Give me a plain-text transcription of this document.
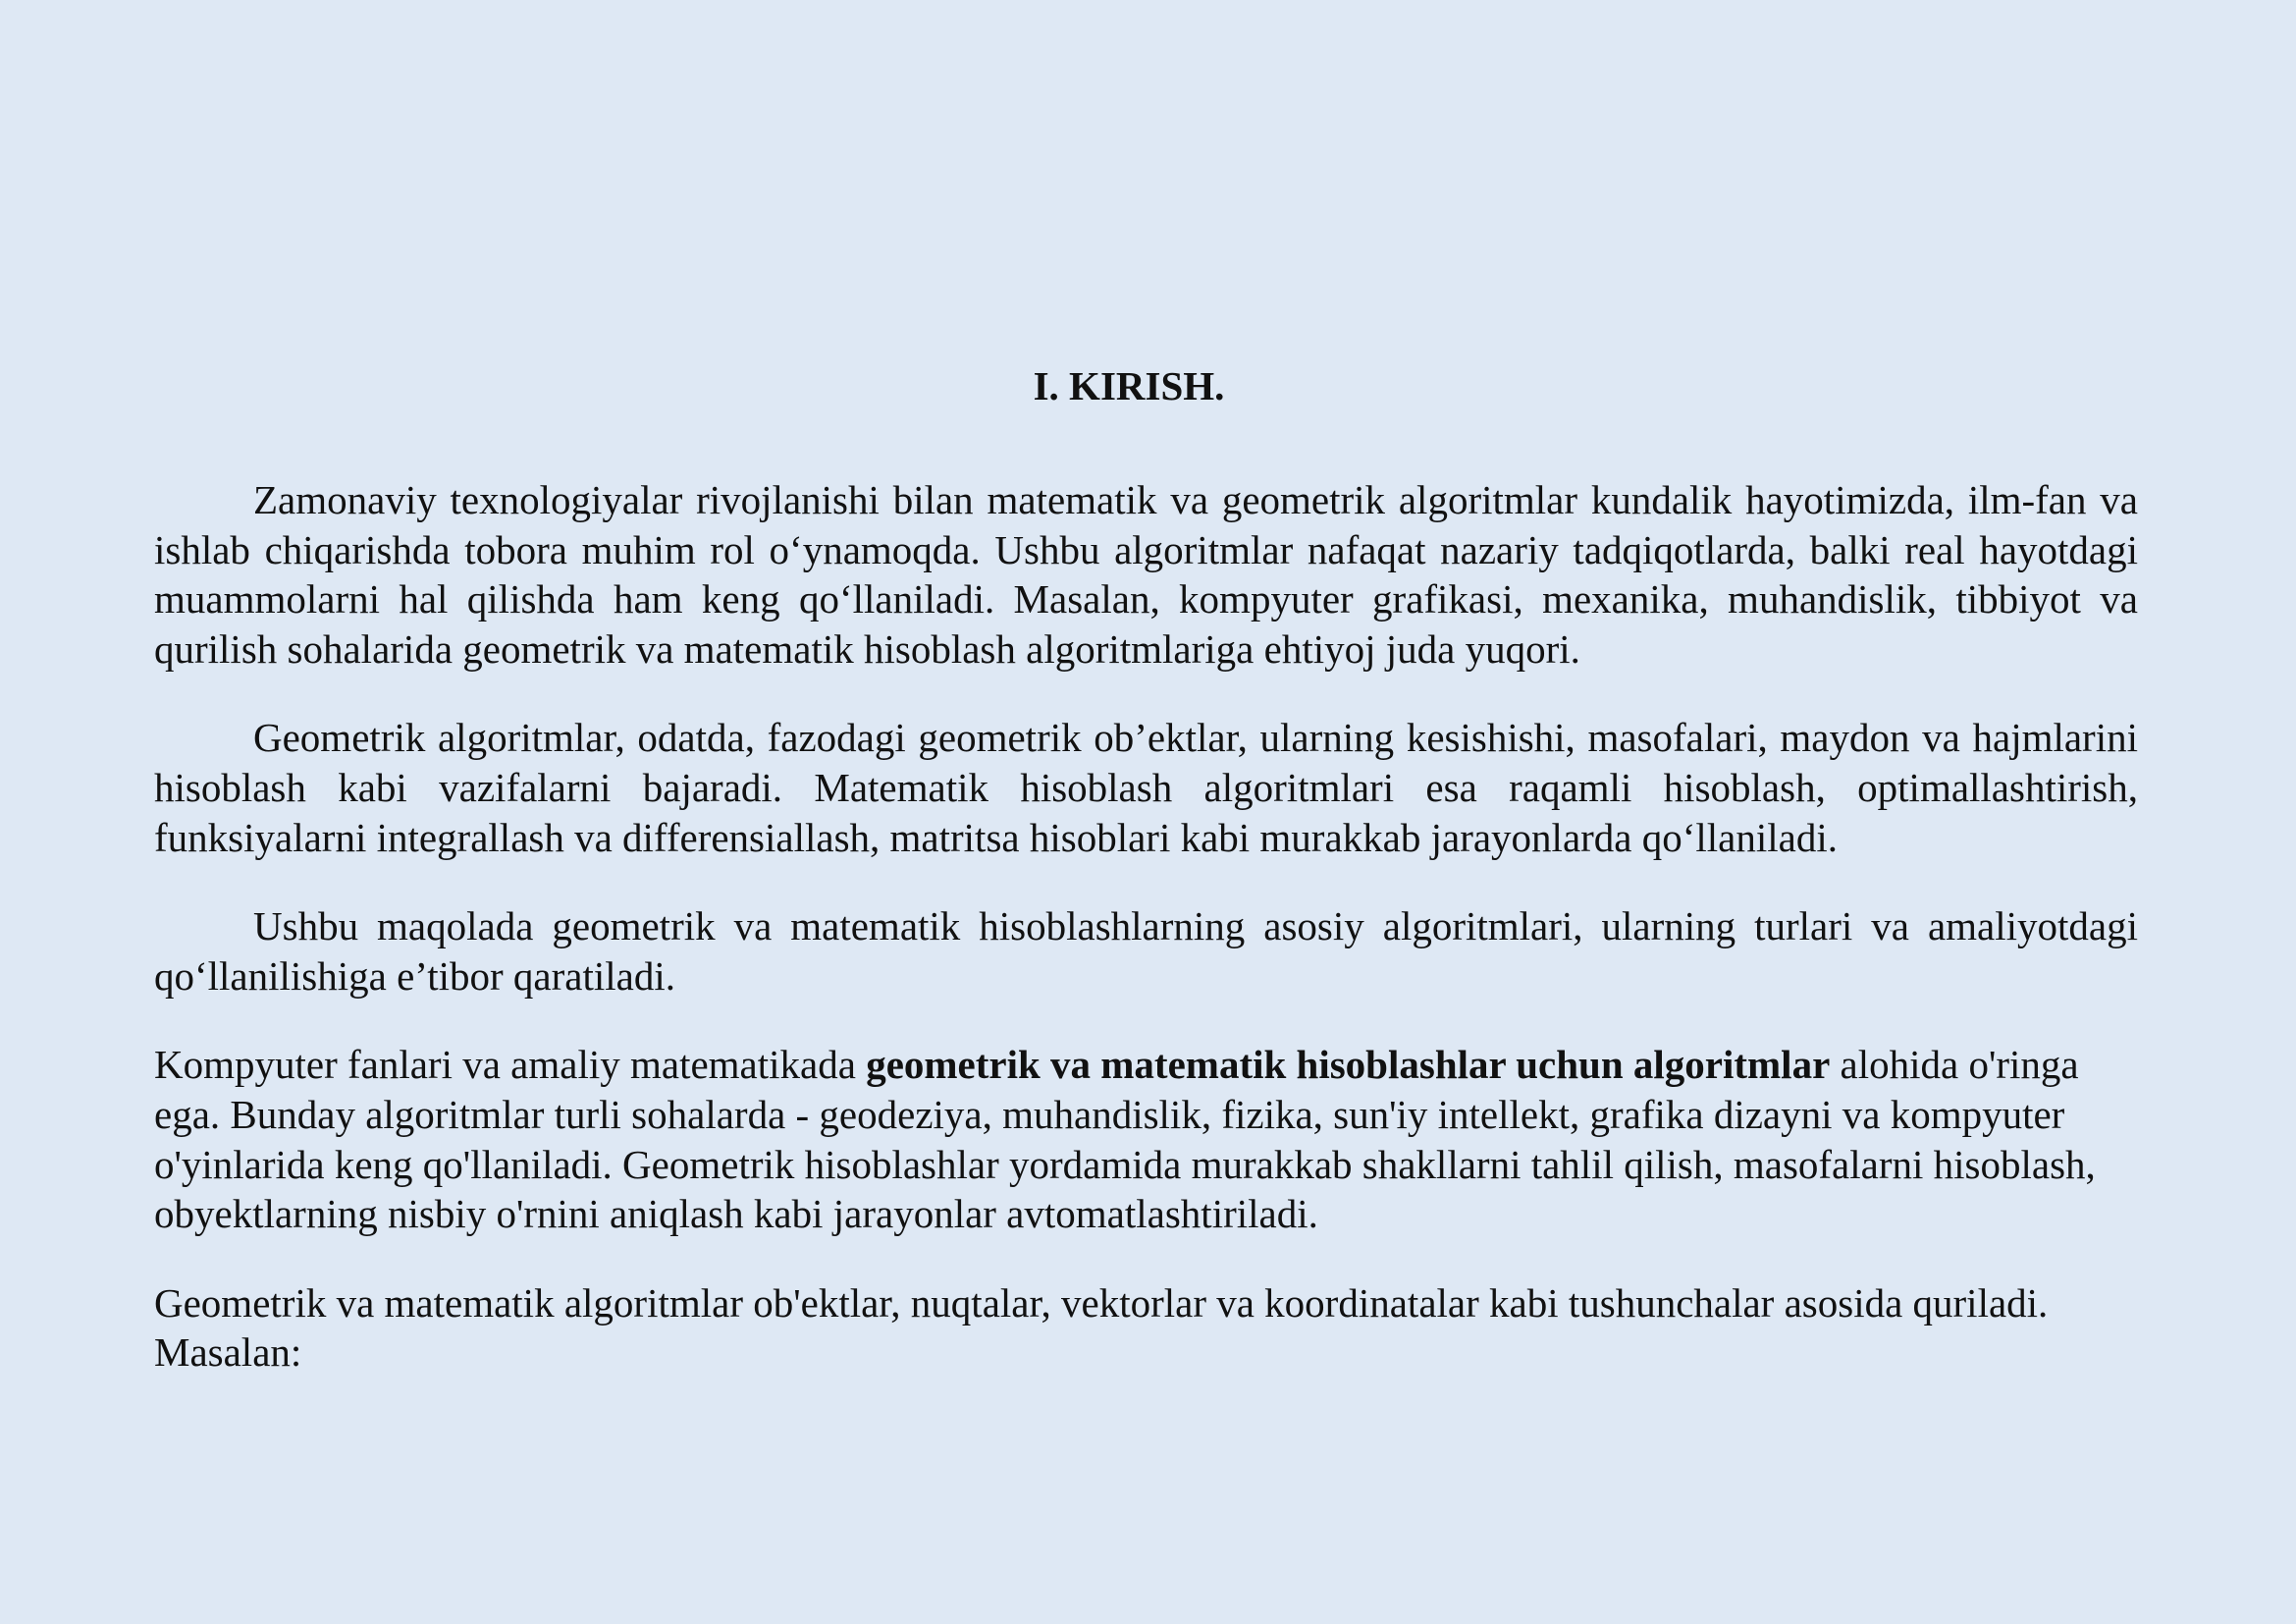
I. KIRISH.

Zamonaviy texnologiyalar rivojlanishi bilan matematik va geometrik algoritmlar kundalik hayotimizda, ilm-fan va ishlab chiqarishda tobora muhim rol o‘ynamoqda. Ushbu algoritmlar nafaqat nazariy tadqiqotlarda, balki real hayotdagi muammolarni hal qilishda ham keng qo‘llaniladi. Masalan, kompyuter grafikasi, mexanika, muhandislik, tibbiyot va qurilish sohalarida geometrik va matematik hisoblash algoritmlariga ehtiyoj juda yuqori.

Geometrik algoritmlar, odatda, fazodagi geometrik ob’ektlar, ularning kesishishi, masofalari, maydon va hajmlarini hisoblash kabi vazifalarni bajaradi. Matematik hisoblash algoritmlari esa raqamli hisoblash, optimallashtirish, funksiyalarni integrallash va differensiallash, matritsa hisoblari kabi murakkab jarayonlarda qo‘llaniladi.

Ushbu maqolada geometrik va matematik hisoblashlarning asosiy algoritmlari, ularning turlari va amaliyotdagi qo‘llanilishiga e’tibor qaratiladi.

Kompyuter fanlari va amaliy matematikada geometrik va matematik hisoblashlar uchun algoritmlar alohida o'ringa ega. Bunday algoritmlar turli sohalarda - geodeziya, muhandislik, fizika, sun'iy intellekt, grafika dizayni va kompyuter o'yinlarida keng qo'llaniladi. Geometrik hisoblashlar yordamida murakkab shakllarni tahlil qilish, masofalarni hisoblash, obyektlarning nisbiy o'rnini aniqlash kabi jarayonlar avtomatlashtiriladi.

Geometrik va matematik algoritmlar ob'ektlar, nuqtalar, vektorlar va koordinatalar kabi tushunchalar asosida quriladi. Masalan:
